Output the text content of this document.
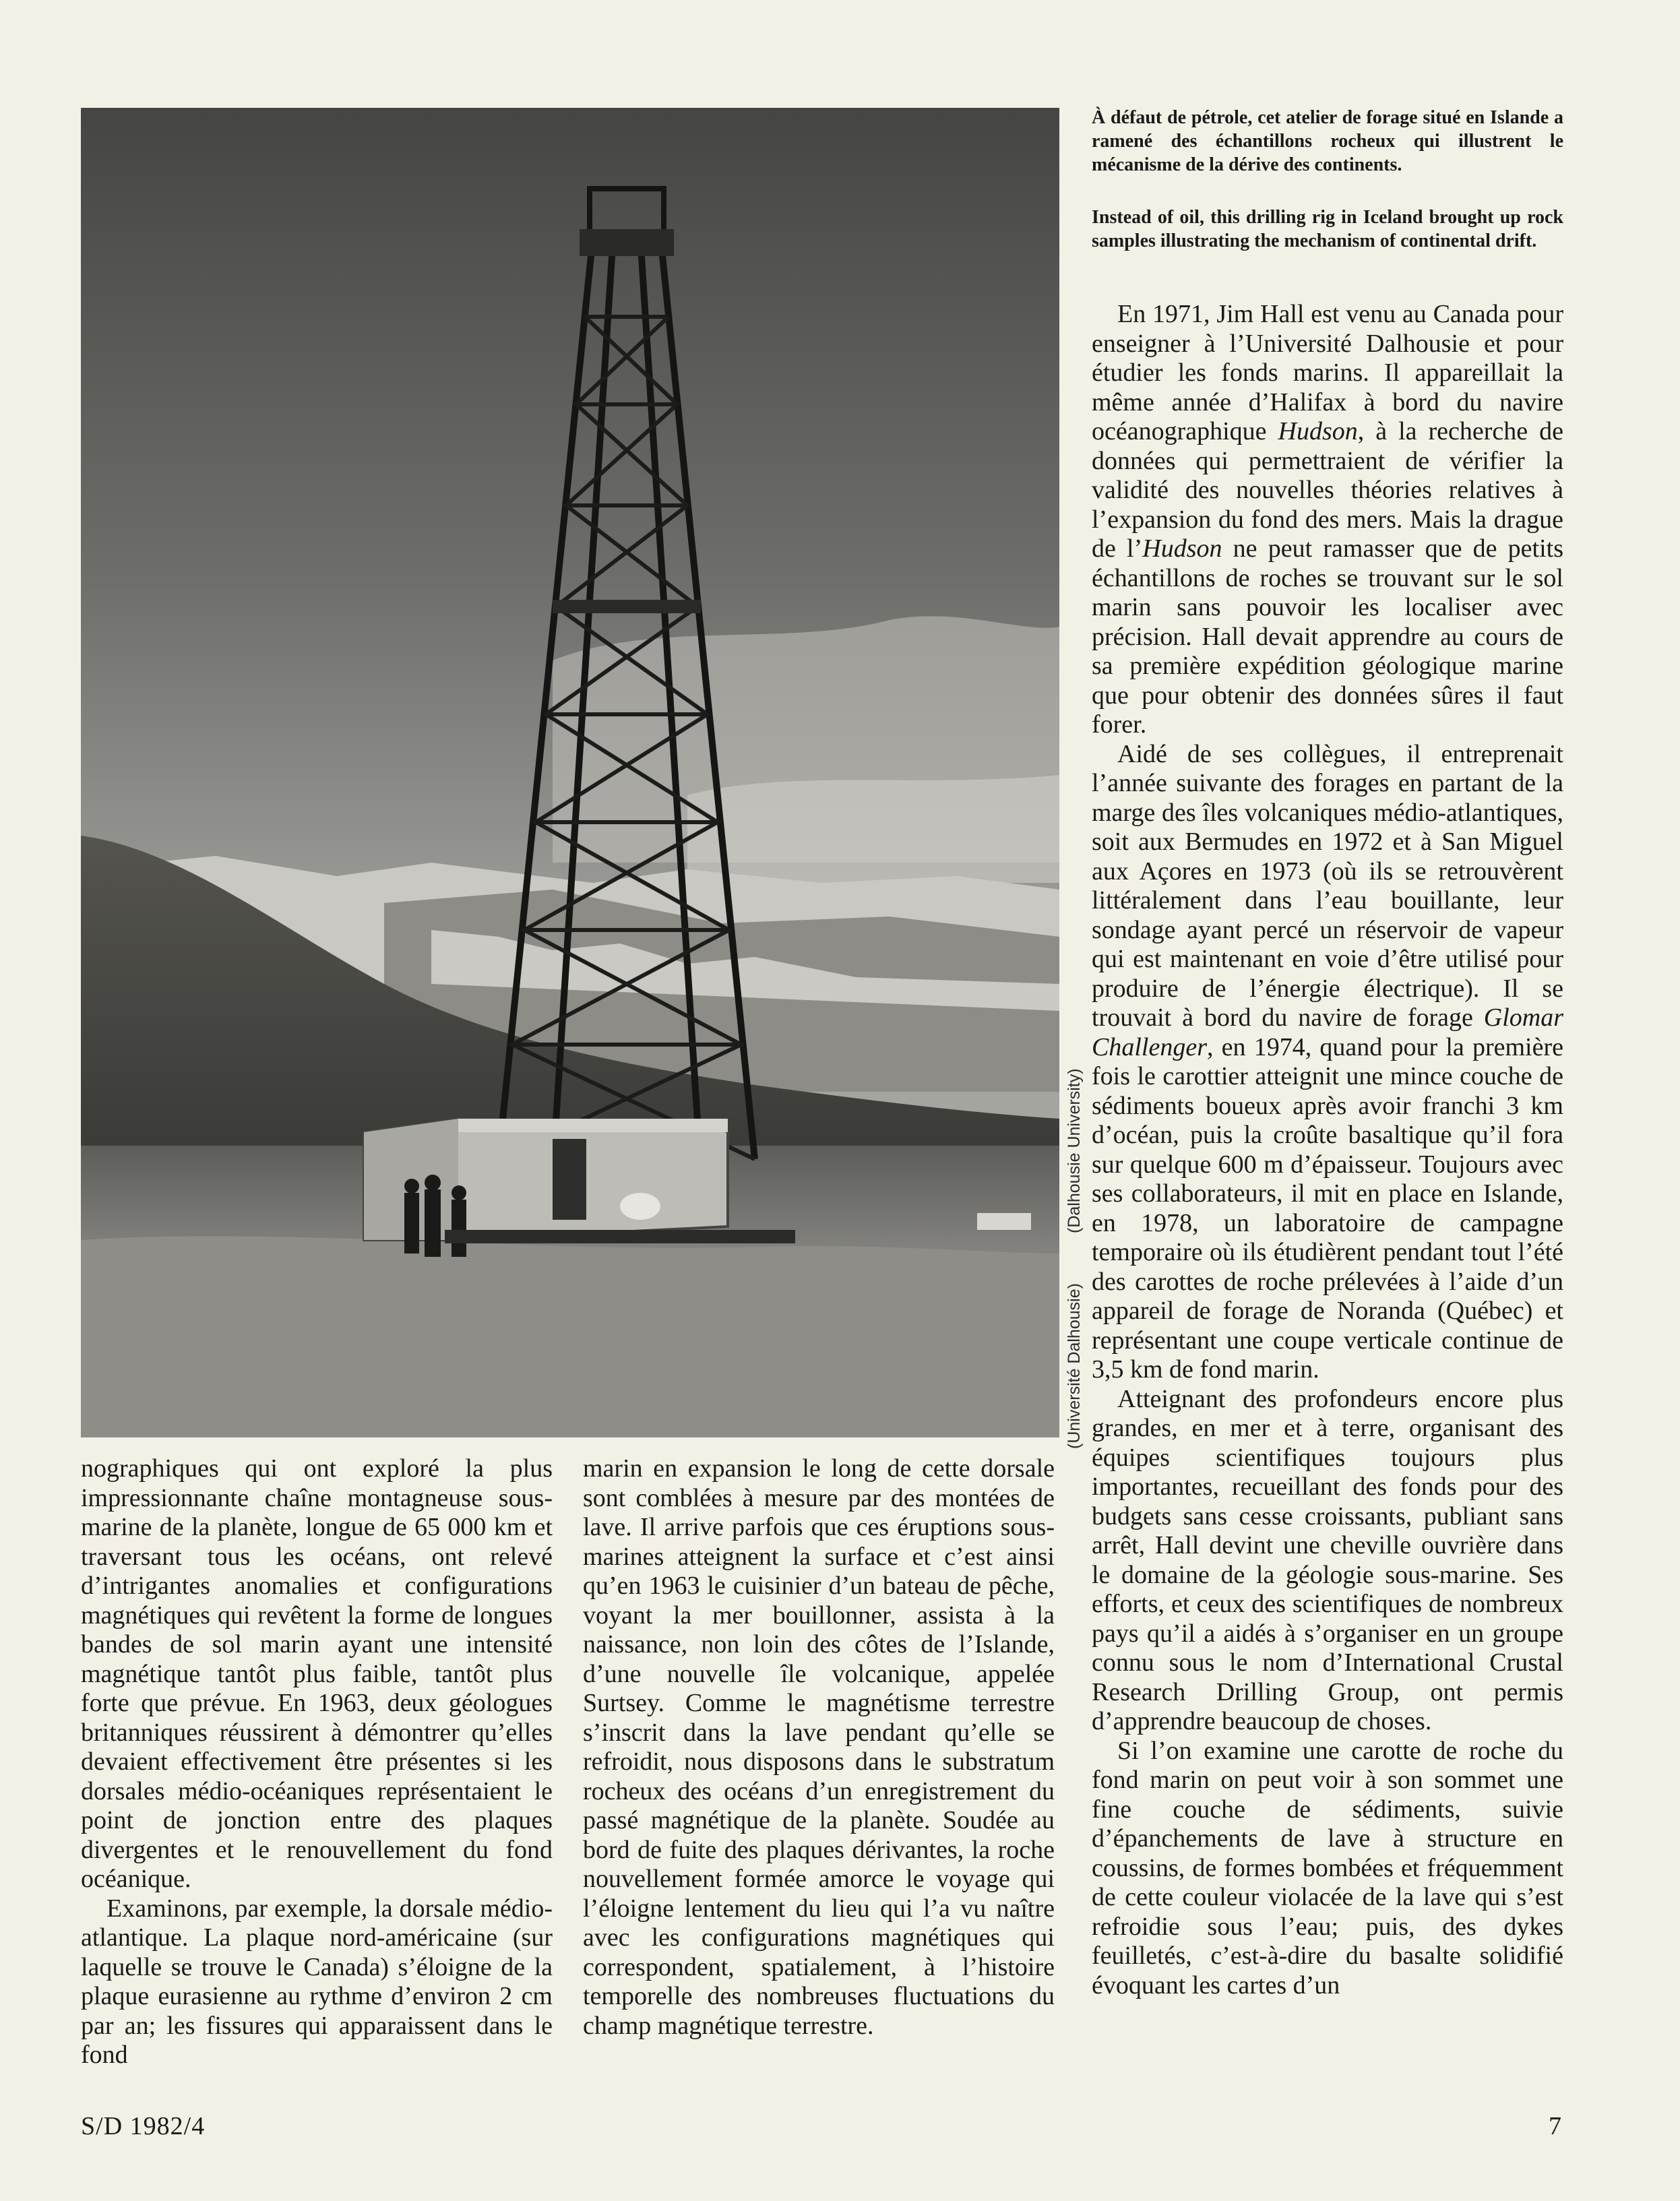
(Université Dalhousie)
(Dalhousie University)
À défaut de pétrole, cet atelier de forage situé en Islande a ramené des échantillons rocheux qui illustrent le mécanisme de la dérive des continents.
Instead of oil, this drilling rig in Iceland brought up rock samples illustrating the mechanism of continental drift.

En 1971, Jim Hall est venu au Canada pour enseigner à l’Université Dalhousie et pour étudier les fonds marins. Il appareillait la même année d’Halifax à bord du navire océanographique Hudson, à la recherche de données qui permettraient de vérifier la validité des nouvelles théories relatives à l’expansion du fond des mers. Mais la drague de l’Hudson ne peut ramasser que de petits échantillons de roches se trouvant sur le sol marin sans pouvoir les localiser avec précision. Hall devait apprendre au cours de sa première expédition géologique marine que pour obtenir des données sûres il faut forer.

Aidé de ses collègues, il entreprenait l’année suivante des forages en partant de la marge des îles volcaniques médio-atlantiques, soit aux Bermudes en 1972 et à San Miguel aux Açores en 1973 (où ils se retrouvèrent littéralement dans l’eau bouillante, leur sondage ayant percé un réservoir de vapeur qui est maintenant en voie d’être utilisé pour produire de l’énergie électrique). Il se trouvait à bord du navire de forage Glomar Challenger, en 1974, quand pour la première fois le carottier atteignit une mince couche de sédiments boueux après avoir franchi 3 km d’océan, puis la croûte basaltique qu’il fora sur quelque 600 m d’épaisseur. Toujours avec ses collaborateurs, il mit en place en Islande, en 1978, un laboratoire de campagne temporaire où ils étudièrent pendant tout l’été des carottes de roche prélevées à l’aide d’un appareil de forage de Noranda (Québec) et représentant une coupe verticale continue de 3,5 km de fond marin.

Atteignant des profondeurs encore plus grandes, en mer et à terre, organisant des équipes scientifiques toujours plus importantes, recueillant des fonds pour des budgets sans cesse croissants, publiant sans arrêt, Hall devint une cheville ouvrière dans le domaine de la géologie sous-marine. Ses efforts, et ceux des scientifiques de nombreux pays qu’il a aidés à s’organiser en un groupe connu sous le nom d’International Crustal Research Drilling Group, ont permis d’apprendre beaucoup de choses.

Si l’on examine une carotte de roche du fond marin on peut voir à son sommet une fine couche de sédiments, suivie d’épanchements de lave à structure en coussins, de formes bombées et fréquemment de cette couleur violacée de la lave qui s’est refroidie sous l’eau; puis, des dykes feuilletés, c’est-à-dire du basalte solidifié évoquant les cartes d’un

nographiques qui ont exploré la plus impressionnante chaîne montagneuse sous-marine de la planète, longue de 65 000 km et traversant tous les océans, ont relevé d’intrigantes anomalies et configurations magnétiques qui revêtent la forme de longues bandes de sol marin ayant une intensité magnétique tantôt plus faible, tantôt plus forte que prévue. En 1963, deux géologues britanniques réussirent à démontrer qu’elles devaient effectivement être présentes si les dorsales médio-océaniques représentaient le point de jonction entre des plaques divergentes et le renouvellement du fond océanique.

Examinons, par exemple, la dorsale médio-atlantique. La plaque nord-américaine (sur laquelle se trouve le Canada) s’éloigne de la plaque eurasienne au rythme d’environ 2 cm par an; les fissures qui apparaissent dans le fond

marin en expansion le long de cette dorsale sont comblées à mesure par des montées de lave. Il arrive parfois que ces éruptions sous-marines atteignent la surface et c’est ainsi qu’en 1963 le cuisinier d’un bateau de pêche, voyant la mer bouillonner, assista à la naissance, non loin des côtes de l’Islande, d’une nouvelle île volcanique, appelée Surtsey. Comme le magnétisme terrestre s’inscrit dans la lave pendant qu’elle se refroidit, nous disposons dans le substratum rocheux des océans d’un enregistrement du passé magnétique de la planète. Soudée au bord de fuite des plaques dérivantes, la roche nouvellement formée amorce le voyage qui l’éloigne lentement du lieu qui l’a vu naître avec les configurations magnétiques qui correspondent, spatialement, à l’histoire temporelle des nombreuses fluctuations du champ magnétique terrestre.

S/D 1982/4	7
